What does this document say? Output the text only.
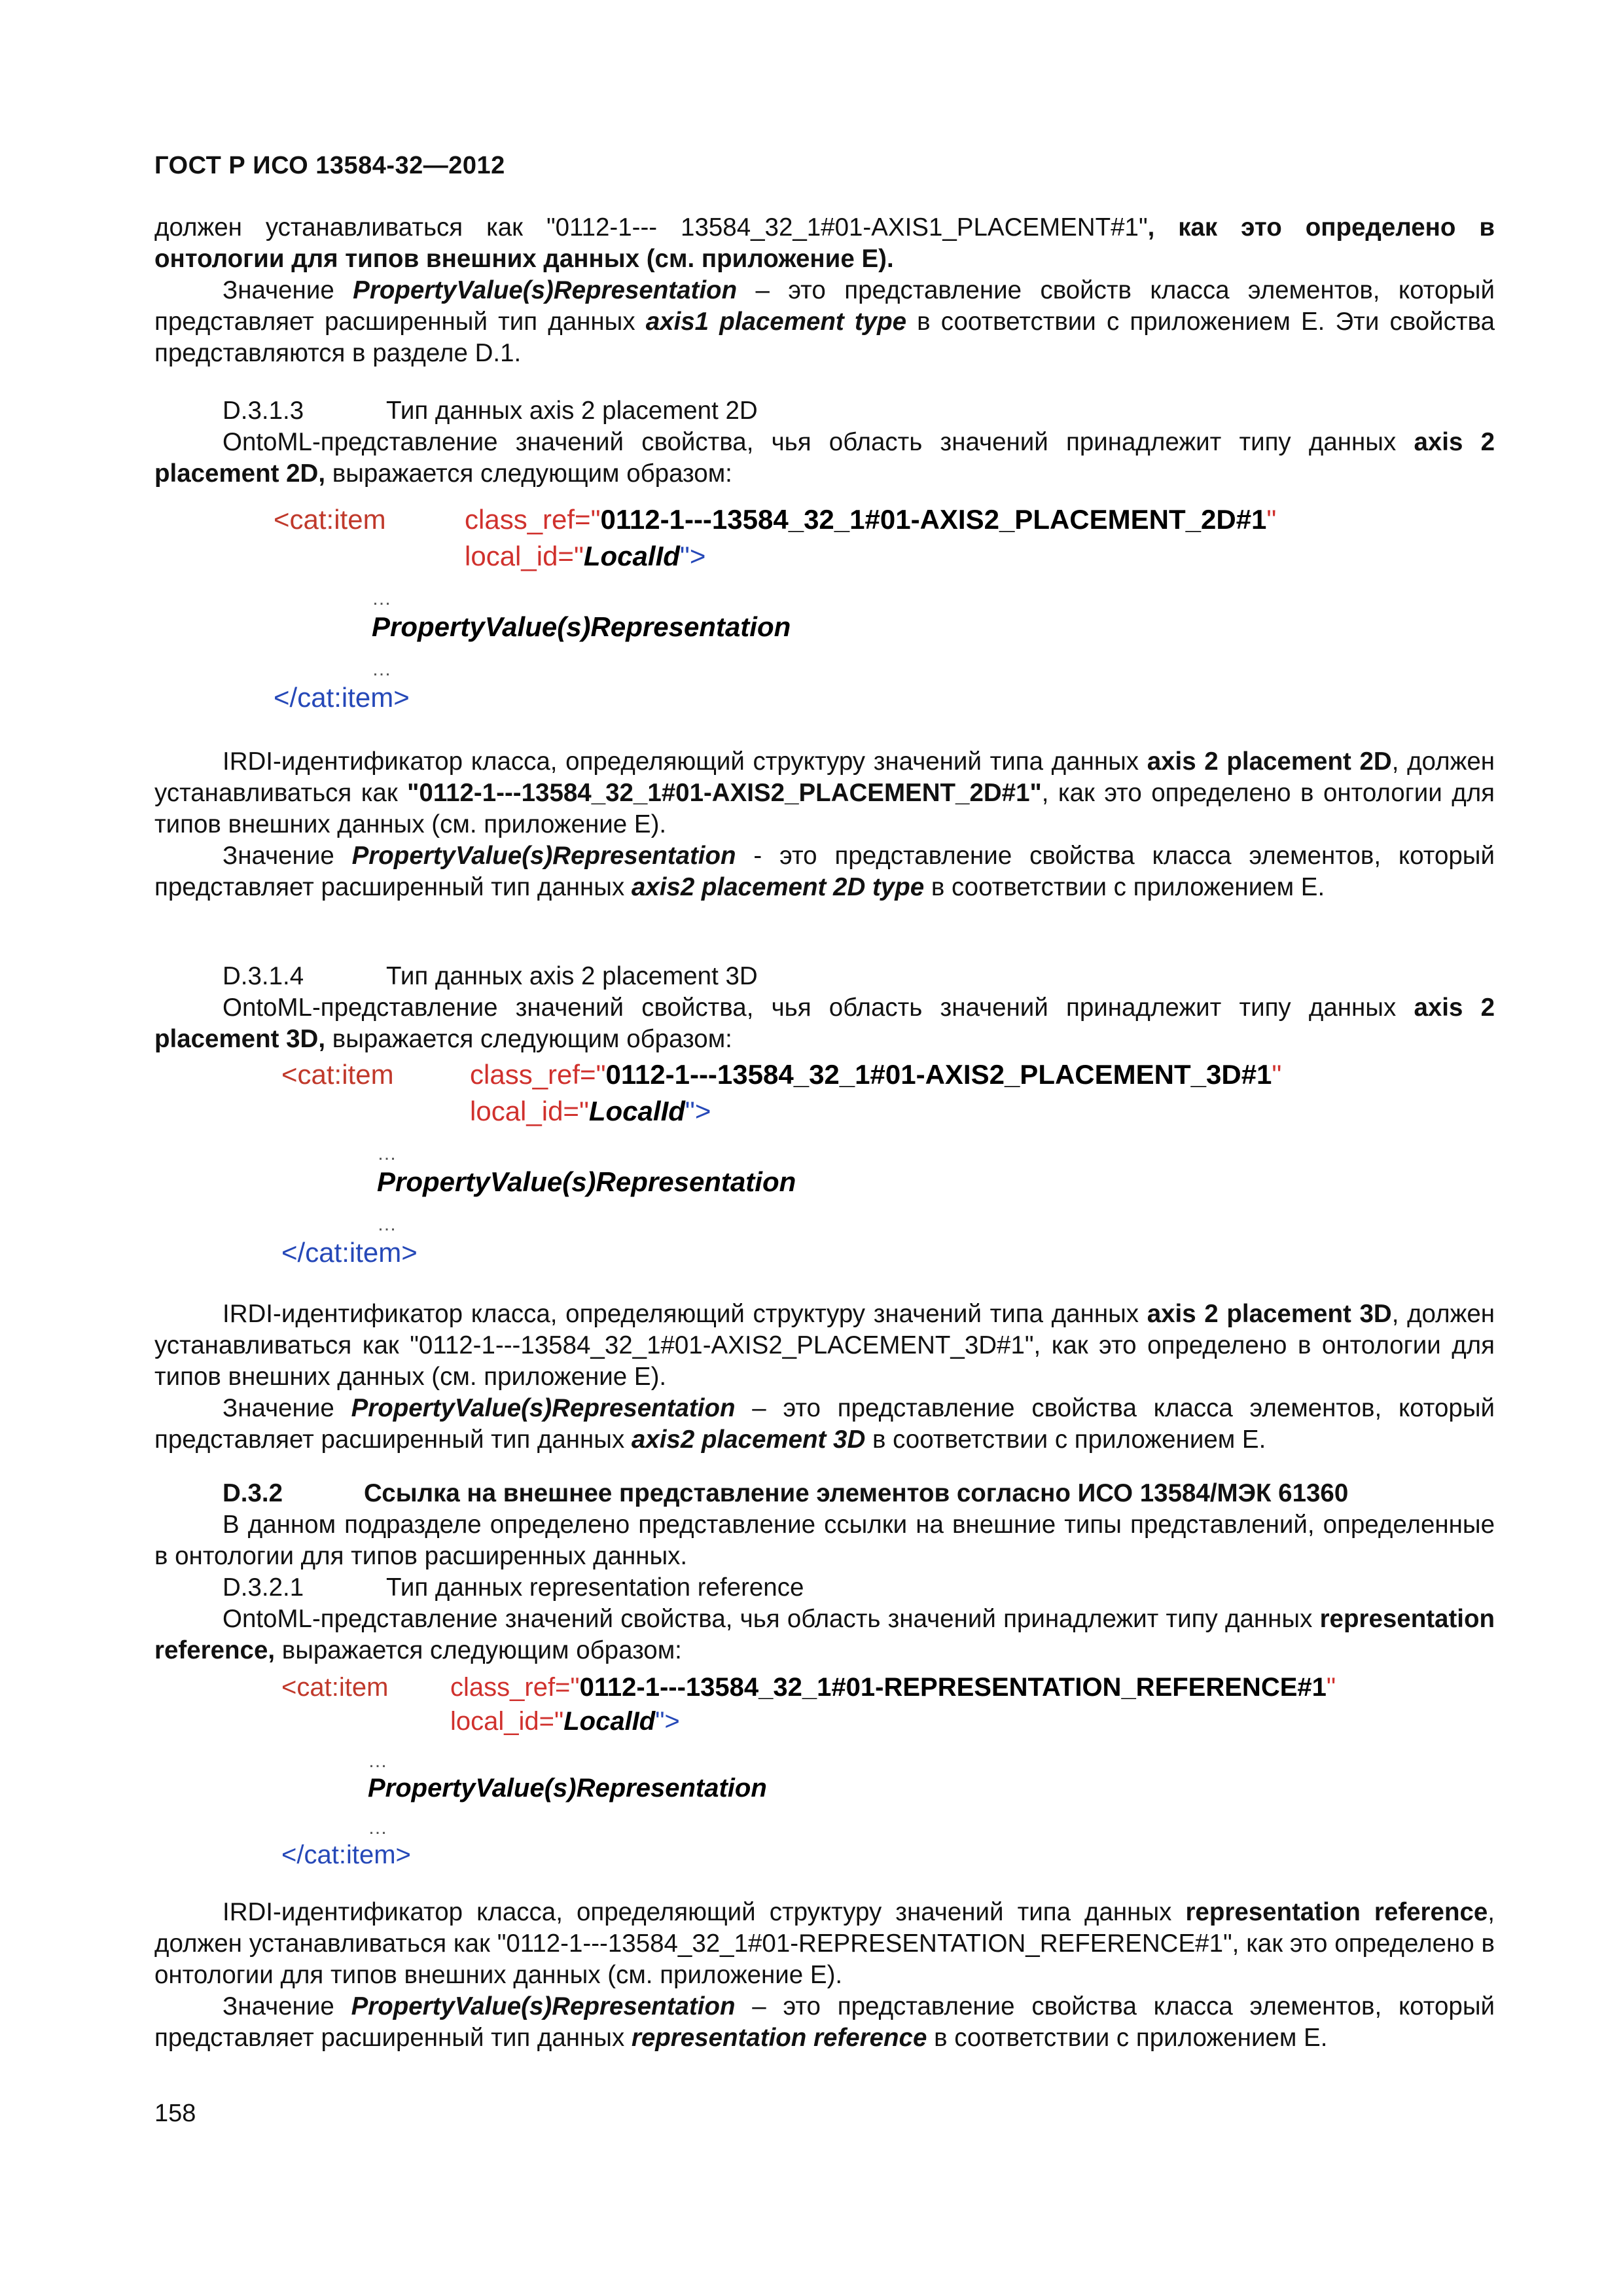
ГОСТ Р ИСО 13584-32—2012
должен устанавливаться как "0112-1--- 13584_32_1#01-AXIS1_PLACEMENT#1", как это определено в онтологии для типов внешних данных (см. приложение Е).
Значение PropertyValue(s)Representation – это представление свойств класса элементов, который представляет расширенный тип данных axis1 placement type в соответствии с приложением Е. Эти свойства представляются в разделе D.1.
D.3.1.3	Тип данных axis 2 placement 2D
OntoML-представление значений свойства, чья область значений принадлежит типу данных axis 2 placement 2D, выражается следующим образом:
<cat:item	class_ref="0112-1---13584_32_1#01-AXIS2_PLACEMENT_2D#1"
local_id="LocalId">
…
PropertyValue(s)Representation
…
</cat:item>
IRDI-идентификатор класса, определяющий структуру значений типа данных axis 2 placement 2D, должен устанавливаться как "0112-1---13584_32_1#01-AXIS2_PLACEMENT_2D#1", как это определено в онтологии для типов внешних данных (см. приложение Е).
Значение PropertyValue(s)Representation - это представление свойства класса элементов, который представляет расширенный тип данных axis2 placement 2D type в соответствии с приложением Е.
D.3.1.4	Тип данных axis 2 placement 3D
OntoML-представление значений свойства, чья область значений принадлежит типу данных axis 2 placement 3D, выражается следующим образом:
<cat:item	class_ref="0112-1---13584_32_1#01-AXIS2_PLACEMENT_3D#1"
local_id="LocalId">
…
PropertyValue(s)Representation
…
</cat:item>
IRDI-идентификатор класса, определяющий структуру значений типа данных axis 2 placement 3D, должен устанавливаться как "0112-1---13584_32_1#01-AXIS2_PLACEMENT_3D#1", как это определено в онтологии для типов внешних данных (см. приложение Е).
Значение PropertyValue(s)Representation – это представление свойства класса элементов, который представляет расширенный тип данных axis2 placement 3D в соответствии с приложением Е.
D.3.2	Ссылка на внешнее представление элементов согласно ИСО 13584/МЭК 61360
В данном подразделе определено представление ссылки на внешние типы представлений, определенные в онтологии для типов расширенных данных.
D.3.2.1	Тип данных representation reference
OntoML-представление значений свойства, чья область значений принадлежит типу данных representation reference, выражается следующим образом:
<cat:item class_ref="0112-1---13584_32_1#01-REPRESENTATION_REFERENCE#1"
local_id="LocalId">
…
PropertyValue(s)Representation
…
</cat:item>
IRDI-идентификатор класса, определяющий структуру значений типа данных representation reference, должен устанавливаться как "0112-1---13584_32_1#01-REPRESENTATION_REFERENCE#1", как это определено в онтологии для типов внешних данных (см. приложение Е).
Значение PropertyValue(s)Representation – это представление свойства класса элементов, который представляет расширенный тип данных representation reference в соответствии с приложением Е.
158
